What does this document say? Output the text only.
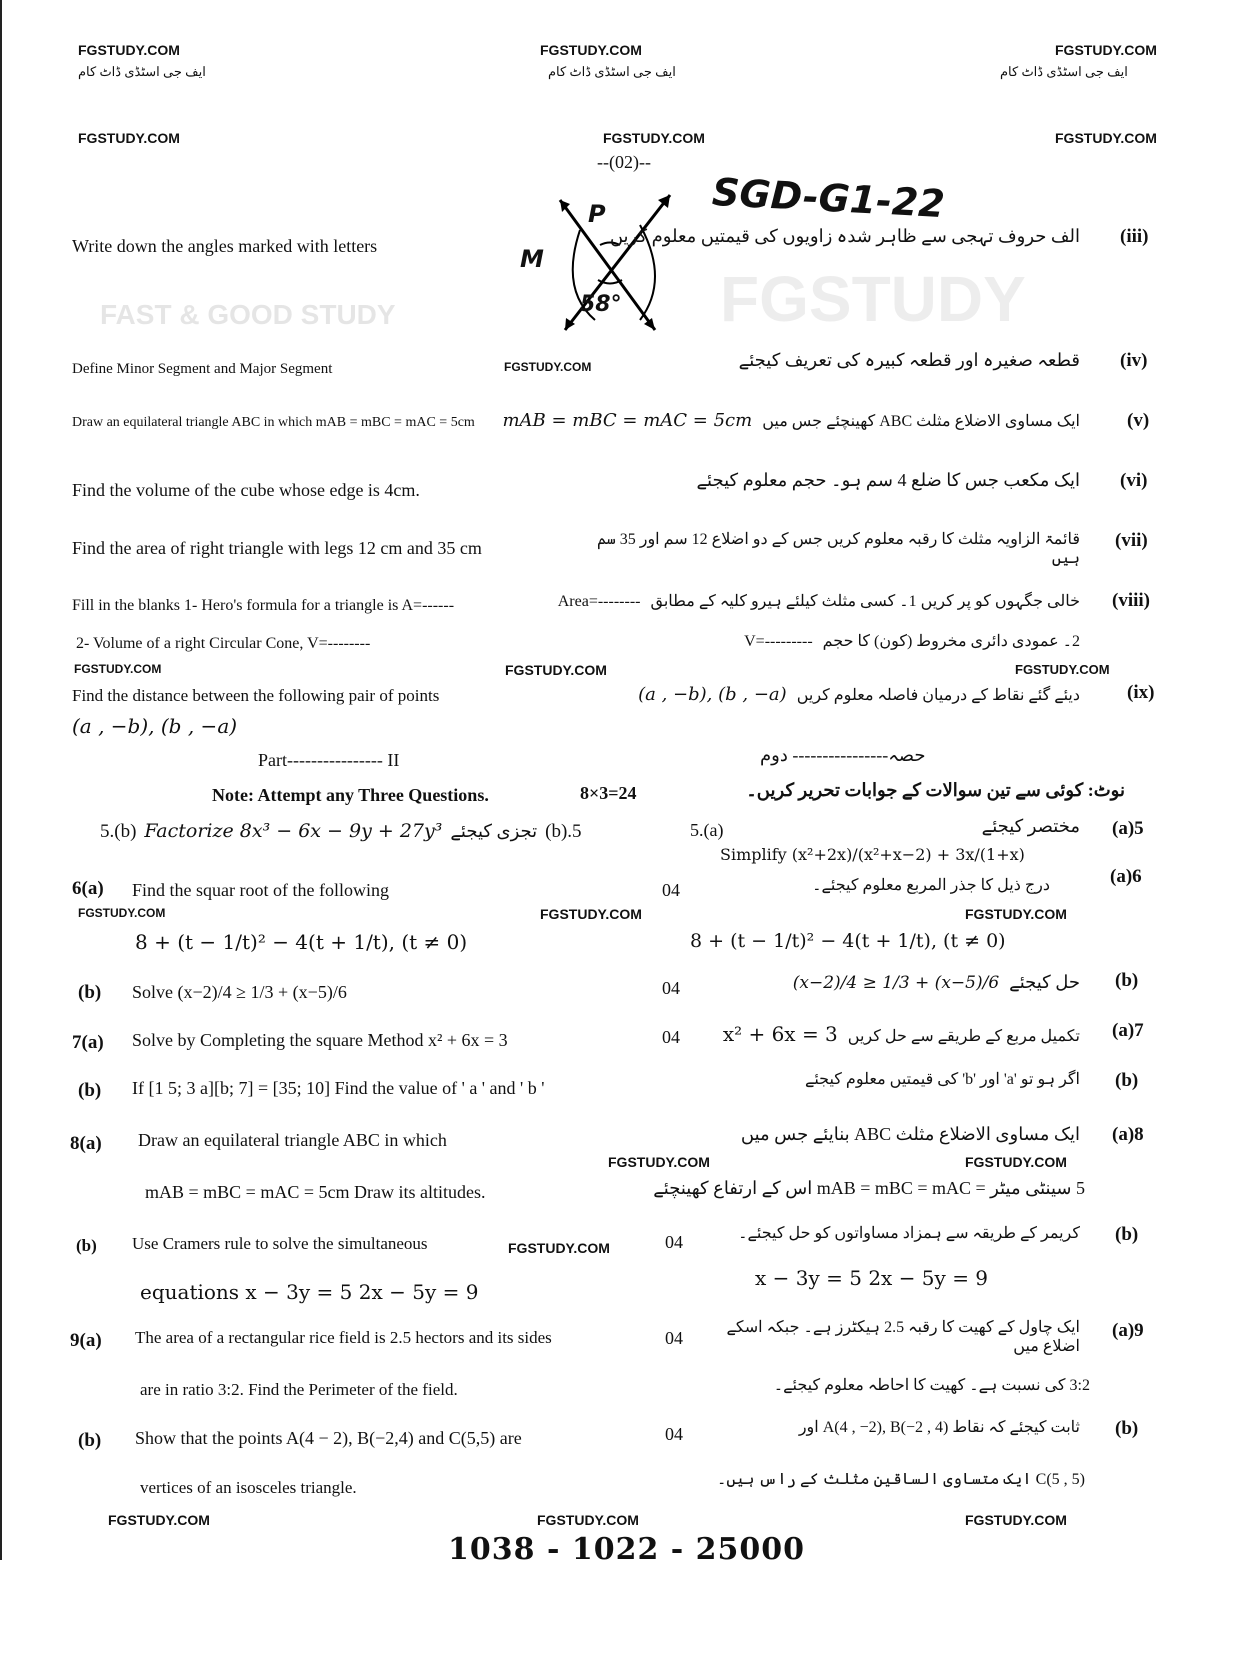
FGSTUDY
FAST & GOOD STUDY
FGSTUDY.COM
ایف جی اسٹڈی ڈاٹ کام
FGSTUDY.COM
ایف جی اسٹڈی ڈاٹ کام
FGSTUDY.COM
ایف جی اسٹڈی ڈاٹ کام
FGSTUDY.COM	FGSTUDY.COM	FGSTUDY.COM
--(02)--
SGD-G1-22
P
M
58°
Write down the angles marked with letters	الف حروف تہجی سے ظاہر شدہ زاویوں کی قیمتیں معلوم کریں (iii)
Define Minor Segment and Major Segment	قطعہ صغیرہ اور قطعہ کبیرہ کی تعریف کیجئے (iv)
FGSTUDY.COM
Draw an equilateral triangle ABC in which mAB = mBC = mAC = 5cm mAB = mBC = mAC = 5cm ایک مساوی الاضلاع مثلث ABC کھینچئے جس میں (v)
Find the volume of the cube whose edge is 4cm.	ایک مکعب جس کا ضلع 4 سم ہو۔ حجم معلوم کیجئے (vi)
Find the area of right triangle with legs 12 cm and 35 cm	قائمۃ الزاویہ مثلث کا رقبہ معلوم کریں جس کے دو اضلاع 12 سم اور 35 سم ہیں
(vii)
Fill in the blanks 1- Hero's formula for a triangle is A=------	Area=-------- خالی جگہوں کو پر کریں 1۔ کسی مثلث کیلئے ہیرو کلیہ کے مطابق (viii)
2- Volume of a right Circular Cone, V=--------	V=--------- 2۔ عمودی دائری مخروط (کون) کا حجم
FGSTUDY.COM	FGSTUDY.COM	FGSTUDY.COM
Find the distance between the following pair of points
(a , −b), (b , −a)
(a , −b), (b , −a) دیئے گئے نقاط کے درمیان فاصلہ معلوم کریں (ix)
Part---------------- II	حصہ---------------- دوم
Note: Attempt any Three Questions.	8×3=24	نوٹ: کوئی سے تین سوالات کے جوابات تحریر کریں۔
5.(b) Factorize 8x³ − 6x − 9y + 27y³ تجزی کیجئے (b).5	5.(a)	مختصر کیجئے (a)5
Simplify (x²+2x)/(x²+x−2) + 3x/(1+x)
6(a) Find the squar root of the following	04	درج ذیل کا جذر المربع معلوم کیجئے۔	(a)6
FGSTUDY.COM	FGSTUDY.COM	FGSTUDY.COM
8 + (t − 1/t)² − 4(t + 1/t), (t ≠ 0)	8 + (t − 1/t)² − 4(t + 1/t), (t ≠ 0)
(b) Solve (x−2)/4 ≥ 1/3 + (x−5)/6	04	(x−2)/4 ≥ 1/3 + (x−5)/6 حل کیجئے (b)
7(a) Solve by Completing the square Method x² + 6x = 3	04 x² + 6x = 3 تکمیل مربع کے طریقے سے حل کریں (a)7
(b) If [1 5; 3 a][b; 7] = [35; 10] Find the value of ' a ' and ' b '	اگر ہو تو 'a' اور 'b' کی قیمتیں معلوم کیجئے (b)
8(a) Draw an equilateral triangle ABC in which	ایک مساوی الاضلاع مثلث ABC بنایئے جس میں (a)8
FGSTUDY.COM	FGSTUDY.COM
mAB = mBC = mAC = 5cm Draw its altitudes.	5 سینٹی میٹر = mAB = mBC = mAC اس کے ارتفاع کھینچئے
(b) Use Cramers rule to solve the simultaneous	FGSTUDY.COM	04	کریمر کے طریقہ سے ہمزاد مساواتوں کو حل کیجئے۔ (b)
equations x − 3y = 5 2x − 5y = 9
x − 3y = 5 2x − 5y = 9
9(a) The area of a rectangular rice field is 2.5 hectors and its sides	04
ایک چاول کے کھیت کا رقبہ 2.5 ہیکٹرز ہے۔ جبکہ اسکے اضلاع میں
(a)9
are in ratio 3:2. Find the Perimeter of the field.	3:2 کی نسبت ہے۔ کھیت کا احاطہ معلوم کیجئے۔
(b) Show that the points A(4 − 2), B(−2,4) and C(5,5) are	04	ثابت کیجئے کہ نقاط A(4 , −2), B(−2 , 4) اور (b)
vertices of an isosceles triangle.	C(5 , 5) ایک متساوی الساقین مثلث کے راس ہیں۔
FGSTUDY.COM	FGSTUDY.COM	FGSTUDY.COM
1038 - 1022 - 25000
